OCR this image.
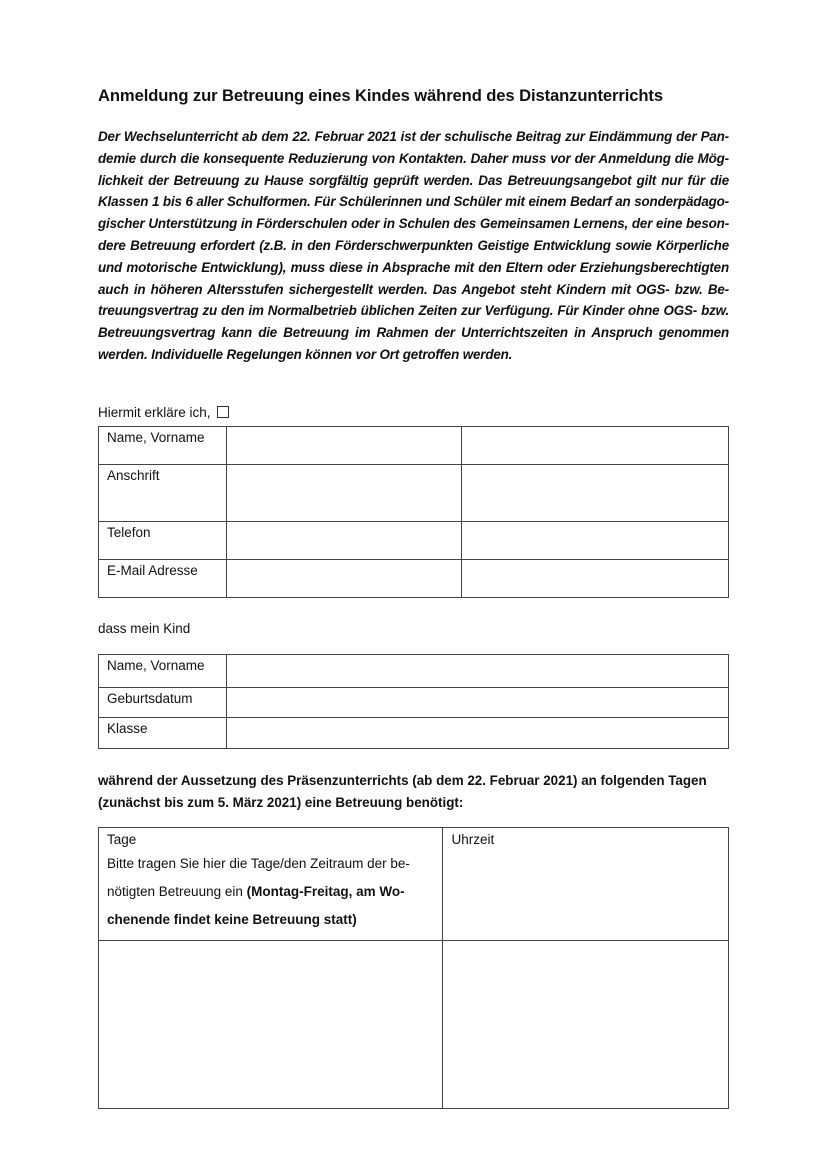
Anmeldung zur Betreuung eines Kindes während des Distanzunterrichts

Der Wechselunterricht ab dem 22. Februar 2021 ist der schulische Beitrag zur Eindämmung der Pan-
demie durch die konsequente Reduzierung von Kontakten. Daher muss vor der Anmeldung die Mög-
lichkeit der Betreuung zu Hause sorgfältig geprüft werden. Das Betreuungsangebot gilt nur für die
Klassen 1 bis 6 aller Schulformen. Für Schülerinnen und Schüler mit einem Bedarf an sonderpädago-
gischer Unterstützung in Förderschulen oder in Schulen des Gemeinsamen Lernens, der eine beson-
dere Betreuung erfordert (z.B. in den Förderschwerpunkten Geistige Entwicklung sowie Körperliche
und motorische Entwicklung), muss diese in Absprache mit den Eltern oder Erziehungsberechtigten
auch in höheren Altersstufen sichergestellt werden. Das Angebot steht Kindern mit OGS- bzw. Be-
treuungsvertrag zu den im Normalbetrieb üblichen Zeiten zur Verfügung. Für Kinder ohne OGS- bzw.
Betreuungsvertrag kann die Betreuung im Rahmen der Unterrichtszeiten in Anspruch genommen
werden. Individuelle Regelungen können vor Ort getroffen werden.

Hiermit erkläre ich,
Name, Vorname		
Anschrift		
Telefon		
E-Mail Adresse		
dass mein Kind
Name, Vorname	
Geburtsdatum	
Klasse	
während der Aussetzung des Präsenzunterrichts (ab dem 22. Februar 2021) an folgenden Tagen (zunächst bis zum 5. März 2021) eine Betreuung benötigt:
Tage
Bitte tragen Sie hier die Tage/den Zeitraum der be-
nötigten Betreuung ein (Montag-Freitag, am Wo-
chenende findet keine Betreuung statt)	Uhrzeit
